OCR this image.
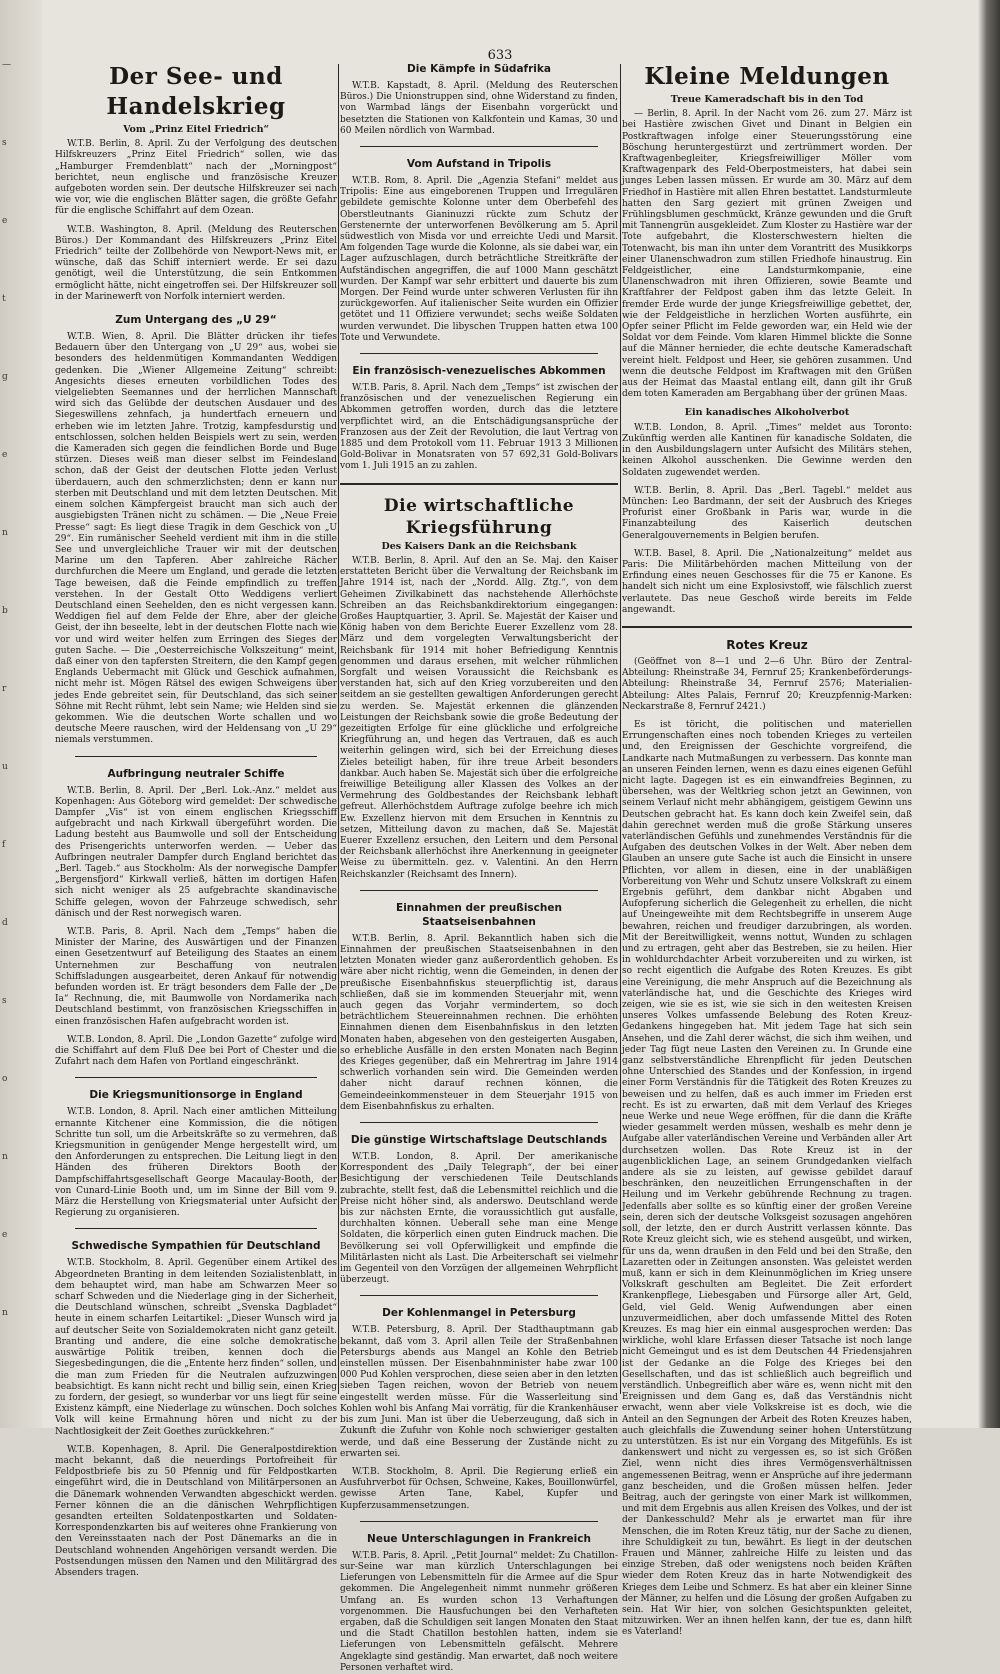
—
s
e
t
g
e
n
b
r
u
f
d
s
o
n
e
n
633
Der See- und Handelskrieg
Vom „Prinz Eitel Friedrich“

W.T.B. Berlin, 8. April. Zu der Verfolgung des deutschen Hilfskreuzers „Prinz Eitel Friedrich“ sollen, wie das „Hamburger Fremdenblatt“ nach der „Morningpost“ berichtet, neun englische und französische Kreuzer aufgeboten worden sein. Der deutsche Hilfskreuzer sei nach wie vor, wie die englischen Blätter sagen, die größte Gefahr für die englische Schiffahrt auf dem Ozean.

W.T.B. Washington, 8. April. (Meldung des Reuterschen Büros.) Der Kommandant des Hilfskreuzers „Prinz Eitel Friedrich“ teilte der Zollbehörde von Newport-News mit, er wünsche, daß das Schiff interniert werde. Er sei dazu genötigt, weil die Unterstützung, die sein Entkommen ermöglicht hätte, nicht eingetroffen sei. Der Hilfskreuzer soll in der Marinewerft von Norfolk interniert werden.

Zum Untergang des „U 29“

W.T.B. Wien, 8. April. Die Blätter drücken ihr tiefes Bedauern über den Untergang von „U 29“ aus, wobei sie besonders des heldenmütigen Kommandanten Weddigen gedenken. Die „Wiener Allgemeine Zeitung“ schreibt: Angesichts dieses erneuten vorbildlichen Todes des vielgeliebten Seemannes und der herrlichen Mannschaft wird sich das Gelübde der deutschen Ausdauer und des Siegeswillens zehnfach, ja hundertfach erneuern und erheben wie im letzten Jahre. Trotzig, kampfesdurstig und entschlossen, solchen helden Beispiels wert zu sein, werden die Kameraden sich gegen die feindlichen Borde und Buge stürzen. Dieses weiß man dieser selbst im Feindesland schon, daß der Geist der deutschen Flotte jeden Verlust überdauern, auch den schmerzlichsten; denn er kann nur sterben mit Deutschland und mit dem letzten Deutschen. Mit einem solchen Kämpfergeist braucht man sich auch der ausgiebigsten Tränen nicht zu schämen. — Die „Neue Freie Presse“ sagt: Es liegt diese Tragik in dem Geschick von „U 29“. Ein rumänischer Seeheld verdient mit ihm in die stille See und unvergleichliche Trauer wir mit der deutschen Marine um den Tapferen. Aber zahlreiche Rächer durchfurchen die Meere um England, und gerade die letzten Tage beweisen, daß die Feinde empfindlich zu treffen verstehen. In der Gestalt Otto Weddigens verliert Deutschland einen Seehelden, den es nicht vergessen kann. Weddigen fiel auf dem Felde der Ehre, aber der gleiche Geist, der ihn beseelte, lebt in der deutschen Flotte nach wie vor und wird weiter helfen zum Erringen des Sieges der guten Sache. — Die „Oesterreichische Volkszeitung“ meint, daß einer von den tapfersten Streitern, die den Kampf gegen Englands Uebermacht mit Glück und Geschick aufnahmen, nicht mehr ist. Mögen Rätsel des ewigen Schweigens über jedes Ende gebreitet sein, für Deutschland, das sich seiner Söhne mit Recht rühmt, lebt sein Name; wie Helden sind sie gekommen. Wie die deutschen Worte schallen und wo deutsche Meere rauschen, wird der Heldensang von „U 29“ niemals verstummen.

Aufbringung neutraler Schiffe

W.T.B. Berlin, 8. April. Der „Berl. Lok.-Anz.“ meldet aus Kopenhagen: Aus Göteborg wird gemeldet: Der schwedische Dampfer „Vis“ ist von einem englischen Kriegsschiff aufgebracht und nach Kirkwall übergeführt worden. Die Ladung besteht aus Baumwolle und soll der Entscheidung des Prisengerichts unterworfen werden. — Ueber das Aufbringen neutraler Dampfer durch England berichtet das „Berl. Tageb.“ aus Stockholm: Als der norwegische Dampfer „Bergensfjord“ Kirkwall verließ, hätten im dortigen Hafen sich nicht weniger als 25 aufgebrachte skandinavische Schiffe gelegen, wovon der Fahrzeuge schwedisch, sehr dänisch und der Rest norwegisch waren.

W.T.B. Paris, 8. April. Nach dem „Temps“ haben die Minister der Marine, des Auswärtigen und der Finanzen einen Gesetzentwurf auf Beteiligung des Staates an einem Unternehmen zur Beschaffung von neutralen Schiffsladungen ausgearbeitet, deren Ankauf für notwendig befunden worden ist. Er trägt besonders dem Falle der „De Ia“ Rechnung, die, mit Baumwolle von Nordamerika nach Deutschland bestimmt, von französischen Kriegsschiffen in einen französischen Hafen aufgebracht worden ist.

W.T.B. London, 8. April. Die „London Gazette“ zufolge wird die Schiffahrt auf dem Fluß Dee bei Port of Chester und die Zufahrt nach dem Hafen von Portland eingeschränkt.

Die Kriegsmunitionsorge in England

W.T.B. London, 8. April. Nach einer amtlichen Mitteilung ernannte Kitchener eine Kommission, die die nötigen Schritte tun soll, um die Arbeitskräfte so zu vermehren, daß Kriegsmunition in genügender Menge hergestellt wird, um den Anforderungen zu entsprechen. Die Leitung liegt in den Händen des früheren Direktors Booth der Dampfschiffahrtsgesellschaft George Macaulay-Booth, der von Cunard-Linie Booth und, um im Sinne der Bill vom 9. März die Herstellung von Kriegsmaterial unter Aufsicht der Regierung zu organisieren.

Schwedische Sympathien für Deutschland

W.T.B. Stockholm, 8. April. Gegenüber einem Artikel des Abgeordneten Branting in dem leitenden Sozialistenblatt, in dem behauptet wird, man habe am Schwarzen Meer so scharf Schweden und die Niederlage ging in der Sicherheit, die Deutschland wünschen, schreibt „Svenska Dagbladet“ heute in einem scharfen Leitartikel: „Dieser Wunsch wird ja auf deutscher Seite von Sozialdemokraten nicht ganz geteilt. Branting und andere, die eine solche demokratische auswärtige Politik treiben, kennen doch die Siegesbedingungen, die die „Entente herz finden“ sollen, und die man zum Frieden für die Neutralen aufzuzwingen beabsichtigt. Es kann nicht recht und billig sein, einen Krieg zu fordern, der gesiegt, so wunderbar vor uns liegt für seine Existenz kämpft, eine Niederlage zu wünschen. Doch solches Volk will keine Ermahnung hören und nicht zu der Nachtlosigkeit der Zeit Goethes zurückkehren.“

W.T.B. Kopenhagen, 8. April. Die Generalpostdirektion macht bekannt, daß die neuerdings Portofreiheit für Feldpostbriefe bis zu 50 Pfennig und für Feldpostkarten eingeführt wird, die in Deutschland von Militärpersonen an die Dänemark wohnenden Verwandten abgeschickt werden. Ferner können die an die dänischen Wehrpflichtigen gesandten erteilten Soldatenpostkarten und Soldaten-Korrespondenzkarten bis auf weiteres ohne Frankierung von den Vereinsstaaten nach der Post Dänemarks an die in Deutschland wohnenden Angehörigen versandt werden. Die Postsendungen müssen den Namen und den Militärgrad des Absenders tragen.

Die Kämpfe in Südafrika

W.T.B. Kapstadt, 8. April. (Meldung des Reuterschen Büros.) Die Unionstruppen sind, ohne Widerstand zu finden, von Warmbad längs der Eisenbahn vorgerückt und besetzten die Stationen von Kalkfontein und Kamas, 30 und 60 Meilen nördlich von Warmbad.

Vom Aufstand in Tripolis

W.T.B. Rom, 8. April. Die „Agenzia Stefani“ meldet aus Tripolis: Eine aus eingeborenen Truppen und Irregulären gebildete gemischte Kolonne unter dem Oberbefehl des Oberstleutnants Gianinuzzi rückte zum Schutz der Gerstenernte der unterworfenen Bevölkerung am 5. April südwestlich von Misda vor und erreichte Uedi und Marsit. Am folgenden Tage wurde die Kolonne, als sie dabei war, ein Lager aufzuschlagen, durch beträchtliche Streitkräfte der Aufständischen angegriffen, die auf 1000 Mann geschätzt wurden. Der Kampf war sehr erbittert und dauerte bis zum Morgen. Der Feind wurde unter schweren Verlusten für ihn zurückgeworfen. Auf italienischer Seite wurden ein Offizier getötet und 11 Offiziere verwundet; sechs weiße Soldaten wurden verwundet. Die libyschen Truppen hatten etwa 100 Tote und Verwundete.

Ein französisch-venezuelisches Abkommen

W.T.B. Paris, 8. April. Nach dem „Temps“ ist zwischen der französischen und der venezuelischen Regierung ein Abkommen getroffen worden, durch das die letztere verpflichtet wird, an die Entschädigungsansprüche der Franzosen aus der Zeit der Revolution, die laut Vertrag von 1885 und dem Protokoll vom 11. Februar 1913 3 Millionen Gold-Bolivar in Monatsraten von 57 692,31 Gold-Bolivars vom 1. Juli 1915 an zu zahlen.

Die wirtschaftliche Kriegsführung
Des Kaisers Dank an die Reichsbank

W.T.B. Berlin, 8. April. Auf den an Se. Maj. den Kaiser erstatteten Bericht über die Verwaltung der Reichsbank im Jahre 1914 ist, nach der „Nordd. Allg. Ztg.“, von dem Geheimen Zivilkabinett das nachstehende Allerhöchste Schreiben an das Reichsbankdirektorium eingegangen: Großes Hauptquartier, 3. April. Se. Majestät der Kaiser und König haben von dem Berichte Euerer Exzellenz vom 28. März und dem vorgelegten Verwaltungsbericht der Reichsbank für 1914 mit hoher Befriedigung Kenntnis genommen und daraus ersehen, mit welcher rühmlichen Sorgfalt und weisen Voraussicht die Reichsbank es verstanden hat, sich auf den Krieg vorzubereiten und den seitdem an sie gestellten gewaltigen Anforderungen gerecht zu werden. Se. Majestät erkennen die glänzenden Leistungen der Reichsbank sowie die große Bedeutung der gezeitigten Erfolge für eine glückliche und erfolgreiche Kriegführung an, und hegen das Vertrauen, daß es auch weiterhin gelingen wird, sich bei der Erreichung dieses Zieles beteiligt haben, für ihre treue Arbeit besonders dankbar. Auch haben Se. Majestät sich über die erfolgreiche freiwillige Beteiligung aller Klassen des Volkes an der Vermehrung des Goldbestandes der Reichsbank lebhaft gefreut. Allerhöchstdem Auftrage zufolge beehre ich mich Ew. Exzellenz hiervon mit dem Ersuchen in Kenntnis zu setzen, Mitteilung davon zu machen, daß Se. Majestät Euerer Exzellenz ersuchen, den Leitern und dem Personal der Reichsbank allerhöchst ihre Anerkennung in geeigneter Weise zu übermitteln. gez. v. Valentini. An den Herrn Reichskanzler (Reichsamt des Innern).

Einnahmen der preußischen Staatseisenbahnen

W.T.B. Berlin, 8. April. Bekanntlich haben sich die Einnahmen der preußischen Staatseisenbahnen in den letzten Monaten wieder ganz außerordentlich gehoben. Es wäre aber nicht richtig, wenn die Gemeinden, in denen der preußische Eisenbahnfiskus steuerpflichtig ist, daraus schließen, daß sie im kommenden Steuerjahr mit, wenn auch gegen das Vorjahr vermindertem, so doch beträchtlichem Steuereinnahmen rechnen. Die erhöhten Einnahmen dienen dem Eisenbahnfiskus in den letzten Monaten haben, abgesehen von den gesteigerten Ausgaben, so erhebliche Ausfälle in den ersten Monaten nach Beginn des Krieges gegenüber, daß ein Mehrertrag im Jahre 1914 schwerlich vorhanden sein wird. Die Gemeinden werden daher nicht darauf rechnen können, die Gemeindeeinkommensteuer in dem Steuerjahr 1915 von dem Eisenbahnfiskus zu erhalten.

Die günstige Wirtschaftslage Deutschlands

W.T.B. London, 8. April. Der amerikanische Korrespondent des „Daily Telegraph“, der bei einer Besichtigung der verschiedenen Teile Deutschlands zubrachte, stellt fest, daß die Lebensmittel reichlich und die Preise nicht höher sind, als anderswo. Deutschland werde bis zur nächsten Ernte, die voraussichtlich gut ausfalle, durchhalten können. Ueberall sehe man eine Menge Soldaten, die körperlich einen guten Eindruck machen. Die Bevölkerung sei voll Opferwilligkeit und empfinde die Militärlasten nicht als Last. Die Arbeiterschaft sei vielmehr im Gegenteil von den Vorzügen der allgemeinen Wehrpflicht überzeugt.

Der Kohlenmangel in Petersburg

W.T.B. Petersburg, 8. April. Der Stadthauptmann gab bekannt, daß vom 3. April allen Teile der Straßenbahnen Petersburgs abends aus Mangel an Kohle den Betrieb einstellen müssen. Der Eisenbahnminister habe zwar 100 000 Pud Kohlen versprochen, diese seien aber in den letzten sieben Tagen reichen, wovon der Betrieb von neuem eingestellt werden müsse. Für die Wasserleitung sind Kohlen wohl bis Anfang Mai vorrätig, für die Krankenhäuser bis zum Juni. Man ist über die Ueberzeugung, daß sich in Zukunft die Zufuhr von Kohle noch schwieriger gestalten werde, und daß eine Besserung der Zustände nicht zu erwarten sei.

W.T.B. Stockholm, 8. April. Die Regierung erließ ein Ausfuhrverbot für Ochsen, Schweine, Kakes, Bouillonwürfel, gewisse Arten Tane, Kabel, Kupfer und Kupferzusammensetzungen.

Neue Unterschlagungen in Frankreich

W.T.B. Paris, 8. April. „Petit Journal“ meldet: Zu Chatillon-sur-Seine war man kürzlich Unterschlagungen bei Lieferungen von Lebensmitteln für die Armee auf die Spur gekommen. Die Angelegenheit nimmt nunmehr größeren Umfang an. Es wurden schon 13 Verhaftungen vorgenommen. Die Hausfuchungen bei den Verhafteten ergaben, daß die Schuldigen seit langen Monaten den Staat und die Stadt Chatillon bestohlen hatten, indem sie Lieferungen von Lebensmitteln gefälscht. Mehrere Angeklagte sind geständig. Man erwartet, daß noch weitere Personen verhaftet wird.

Kleine Meldungen
Treue Kameradschaft bis in den Tod

— Berlin, 8. April. In der Nacht vom 26. zum 27. März ist bei Hastière zwischen Givet und Dinant in Belgien ein Postkraftwagen infolge einer Steuerungsstörung eine Böschung heruntergestürzt und zertrümmert worden. Der Kraftwagenbegleiter, Kriegsfreiwilliger Möller vom Kraftwagenpark des Feld-Oberpostmeisters, hat dabei sein junges Leben lassen müssen. Er wurde am 30. März auf dem Friedhof in Hastière mit allen Ehren bestattet. Landsturmleute hatten den Sarg geziert mit grünen Zweigen und Frühlingsblumen geschmückt, Kränze gewunden und die Gruft mit Tannengrün ausgekleidet. Zum Kloster zu Hastière war der Tote aufgebahrt, die Klosterschwestern hielten die Totenwacht, bis man ihn unter dem Vorantritt des Musikkorps einer Ulanenschwadron zum stillen Friedhofe hinaustrug. Ein Feldgeistlicher, eine Landsturmkompanie, eine Ulanenschwadron mit ihren Offizieren, sowie Beamte und Kraftfahrer der Feldpost gaben ihm das letzte Geleit. In fremder Erde wurde der junge Kriegsfreiwillige gebettet, der, wie der Feldgeistliche in herzlichen Worten ausführte, ein Opfer seiner Pflicht im Felde geworden war, ein Held wie der Soldat vor dem Feinde. Vom klaren Himmel blickte die Sonne auf die Männer hernieder, die echte deutsche Kameradschaft vereint hielt. Feldpost und Heer, sie gehören zusammen. Und wenn die deutsche Feldpost im Kraftwagen mit den Grüßen aus der Heimat das Maastal entlang eilt, dann gilt ihr Gruß dem toten Kameraden am Bergabhang über der grünen Maas.

Ein kanadisches Alkoholverbot

W.T.B. London, 8. April. „Times“ meldet aus Toronto: Zukünftig werden alle Kantinen für kanadische Soldaten, die in den Ausbildungslagern unter Aufsicht des Militärs stehen, keinen Alkohol ausschenken. Die Gewinne werden den Soldaten zugewendet werden.

W.T.B. Berlin, 8. April. Das „Berl. Tagebl.“ meldet aus München: Leo Bardmann, der seit der Ausbruch des Krieges Profurist einer Großbank in Paris war, wurde in die Finanzabteilung des Kaiserlich deutschen Generalgouvernements in Belgien berufen.

W.T.B. Basel, 8. April. Die „Nationalzeitung“ meldet aus Paris: Die Militärbehörden machen Mitteilung von der Erfindung eines neuen Geschosses für die 75 er Kanone. Es handelt sich nicht um eine Explosivstoff, wie fälschlich zuerst verlautete. Das neue Geschoß wirde bereits im Felde angewandt.

Rotes Kreuz

(Geöffnet von 8—1 und 2—6 Uhr. Büro der Zentral-Abteilung: Rheinstraße 34, Fernruf 25; Krankenbeförderungs-Abteilung: Rheinstraße 34, Fernruf 2576; Materialien-Abteilung: Altes Palais, Fernruf 20; Kreuzpfennig-Marken: Neckarstraße 8, Fernruf 2421.)

Es ist töricht, die politischen und materiellen Errungenschaften eines noch tobenden Krieges zu verteilen und, den Ereignissen der Geschichte vorgreifend, die Landkarte nach Mutmaßungen zu verbessern. Das konnte man an unseren Feinden lernen, wenn es dazu eines eigenen Gefühl nicht lagte. Dagegen ist es ein einwandfreies Beginnen, zu übersehen, was der Weltkrieg schon jetzt an Gewinnen, von seinem Verlauf nicht mehr abhängigem, geistigem Gewinn uns Deutschen gebracht hat. Es kann doch kein Zweifel sein, daß dahin gerechnet werden muß die große Stärkung unseres vaterländischen Gefühls und zunehmendes Verständnis für die Aufgaben des deutschen Volkes in der Welt. Aber neben dem Glauben an unsere gute Sache ist auch die Einsicht in unsere Pflichten, vor allem in diesen, eine in der unabläßigen Vorbereitung von Wehr und Schutz unsere Volkskraft zu einem Ergebnis geführt, dem dankbar nicht Abgaben und Aufopferung sicherlich die Gelegenheit zu erhellen, die nicht auf Uneingeweihte mit dem Rechtsbegriffe in unserem Auge bewahren, reichen und freudiger darzubringen, als worden. Mit der Bereitwilligkeit, wenns nottut, Wunden zu schlagen und zu ertragen, geht aber das Bestreben, sie zu heilen. Hier in wohldurchdachter Arbeit vorzubereiten und zu wirken, ist so recht eigentlich die Aufgabe des Roten Kreuzes. Es gibt eine Vereinigung, die mehr Anspruch auf die Bezeichnung als vaterländische hat, und die Geschichte des Krieges wird zeigen, wie sie es ist, wie sie sich in den weitesten Kreisen unseres Volkes umfassende Belebung des Roten Kreuz-Gedankens hingegeben hat. Mit jedem Tage hat sich sein Ansehen, und die Zahl derer wächst, die sich ihm weihen, und jeder Tag fügt neue Lasten den Vereinen zu. In Grunde eine ganz selbstverständliche Ehrenpflicht für jeden Deutschen ohne Unterschied des Standes und der Konfession, in irgend einer Form Verständnis für die Tätigkeit des Roten Kreuzes zu beweisen und zu helfen, daß es auch immer im Frieden erst recht. Es ist zu erwarten, daß mit dem Verlauf des Krieges neue Werke und neue Wege eröffnen, für die dann die Kräfte wieder gesammelt werden müssen, weshalb es mehr denn je Aufgabe aller vaterländischen Vereine und Verbänden aller Art durchsetzen wollen. Das Rote Kreuz ist in der augenblicklichen Lage, an seinem Grundgedanken vielfach andere als sie zu leisten, auf gewisse gebildet darauf beschränken, den neuzeitlichen Errungenschaften in der Heilung und im Verkehr gebührende Rechnung zu tragen. Jedenfalls aber sollte es so künftig einer der großen Vereine sein, deren sich der deutsche Volksgeist sozusagen angehören soll, der letzte, den er durch Austritt verlassen könnte. Das Rote Kreuz gleicht sich, wie es stehend ausgeübt, und wirken, für uns da, wenn draußen in den Feld und bei den Straße, den Lazaretten oder in Zeitungen ansonsten. Was geleistet werden muß, kann er sich in dem Kleinunmöglichen im Krieg unsere Volkskraft geschulten am Begleitet. Die Zeit erfordert Krankenpflege, Liebesgaben und Fürsorge aller Art, Geld, Geld, viel Geld. Wenig Aufwendungen aber einen unzuvermeidlichen, aber doch umfassende Mittel des Roten Kreuzes. Es mag hier ein einmal ausgesprochen werden: Das wirkliche, wohl klare Erfassen dieser Tatsache ist noch lange nicht Gemeingut und es ist dem Deutschen 44 Friedensjahren ist der Gedanke an die Folge des Krieges bei den Gesellschaften, und das ist schließlich auch begreiflich und verständlich. Unbegreiflich aber wäre es, wenn nicht mit den Ereignissen und dem Gang es, daß das Verständnis nicht erwacht, wenn aber viele Volkskreise ist es doch, wie die Anteil an den Segnungen der Arbeit des Roten Kreuzes haben, auch gleichfalls die Zuwendung seiner hohen Unterstützung zu unterstützen. Es ist nur ein Vorgang des Mitgefühls. Es ist dankenswert und nicht zu vergessen es, so ist sich Größen Ziel, wenn nicht dies ihres Vermögensverhältnissen angemessenen Beitrag, wenn er Ansprüche auf ihre jedermann ganz bescheiden, und die Großen müssen helfen. Jeder Beitrag, auch der geringste von einer Mark ist willkommen, und mit dem Ergebnis aus allen Kreisen des Volkes, und der ist der Dankesschuld? Mehr als je erwartet man für ihre Menschen, die im Roten Kreuz tätig, nur der Sache zu dienen, ihre Schuldigkeit zu tun, bewährt. Es liegt in der deutschen Frauen und Männer, zahlreiche Hilfe zu leisten und das einzige Streben, daß oder wenigstens noch beiden Kräften wieder dem Roten Kreuz das in harte Notwendigkeit des Krieges dem Leibe und Schmerz. Es hat aber ein kleiner Sinne der Männer, zu helfen und die Lösung der großen Aufgaben zu sein. Hat Wir hier, von solchen Gesichtspunkten geleitet, mitzuwirken. Wer an ihnen helfen kann, der tue es, dann hilft es Vaterland!
